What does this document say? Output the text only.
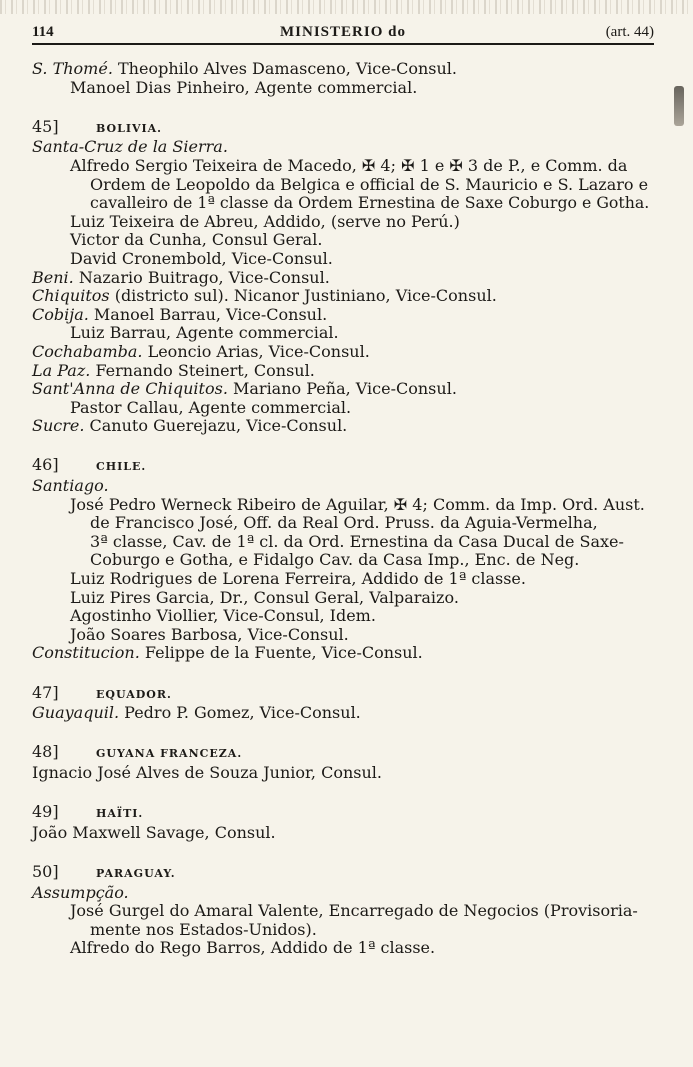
114	MINISTERIO do	(art. 44)
S. Thomé. Theophilo Alves Damasceno, Vice-Consul.
Manoel Dias Pinheiro, Agente commercial.
45]	BOLIVIA.
Santa-Cruz de la Sierra.
Alfredo Sergio Teixeira de Macedo, ✠ 4; ✠ 1 e ✠ 3 de P., e Comm. da
Ordem de Leopoldo da Belgica e official de S. Mauricio e S. Lazaro e
cavalleiro de 1ª classe da Ordem Ernestina de Saxe Coburgo e Gotha.
Luiz Teixeira de Abreu, Addido, (serve no Perú.)
Victor da Cunha, Consul Geral.
David Cronembold, Vice-Consul.
Beni. Nazario Buitrago, Vice-Consul.
Chiquitos (districto sul). Nicanor Justiniano, Vice-Consul.
Cobija. Manoel Barrau, Vice-Consul.
Luiz Barrau, Agente commercial.
Cochabamba. Leoncio Arias, Vice-Consul.
La Paz. Fernando Steinert, Consul.
Sant'Anna de Chiquitos. Mariano Peña, Vice-Consul.
Pastor Callau, Agente commercial.
Sucre. Canuto Guerejazu, Vice-Consul.
46]	CHILE.
Santiago.
José Pedro Werneck Ribeiro de Aguilar, ✠ 4; Comm. da Imp. Ord. Aust.
de Francisco José, Off. da Real Ord. Pruss. da Aguia-Vermelha,
3ª classe, Cav. de 1ª cl. da Ord. Ernestina da Casa Ducal de Saxe-
Coburgo e Gotha, e Fidalgo Cav. da Casa Imp., Enc. de Neg.
Luiz Rodrigues de Lorena Ferreira, Addido de 1ª classe.
Luiz Pires Garcia, Dr., Consul Geral, Valparaizo.
Agostinho Viollier, Vice-Consul, Idem.
João Soares Barbosa, Vice-Consul.
Constitucion. Felippe de la Fuente, Vice-Consul.
47]	EQUADOR.
Guayaquil. Pedro P. Gomez, Vice-Consul.
48]	GUYANA FRANCEZA.
Ignacio José Alves de Souza Junior, Consul.
49]	HAÏTI.
João Maxwell Savage, Consul.
50]	PARAGUAY.
Assumpção.
José Gurgel do Amaral Valente, Encarregado de Negocios (Provisoria-
mente nos Estados-Unidos).
Alfredo do Rego Barros, Addido de 1ª classe.
